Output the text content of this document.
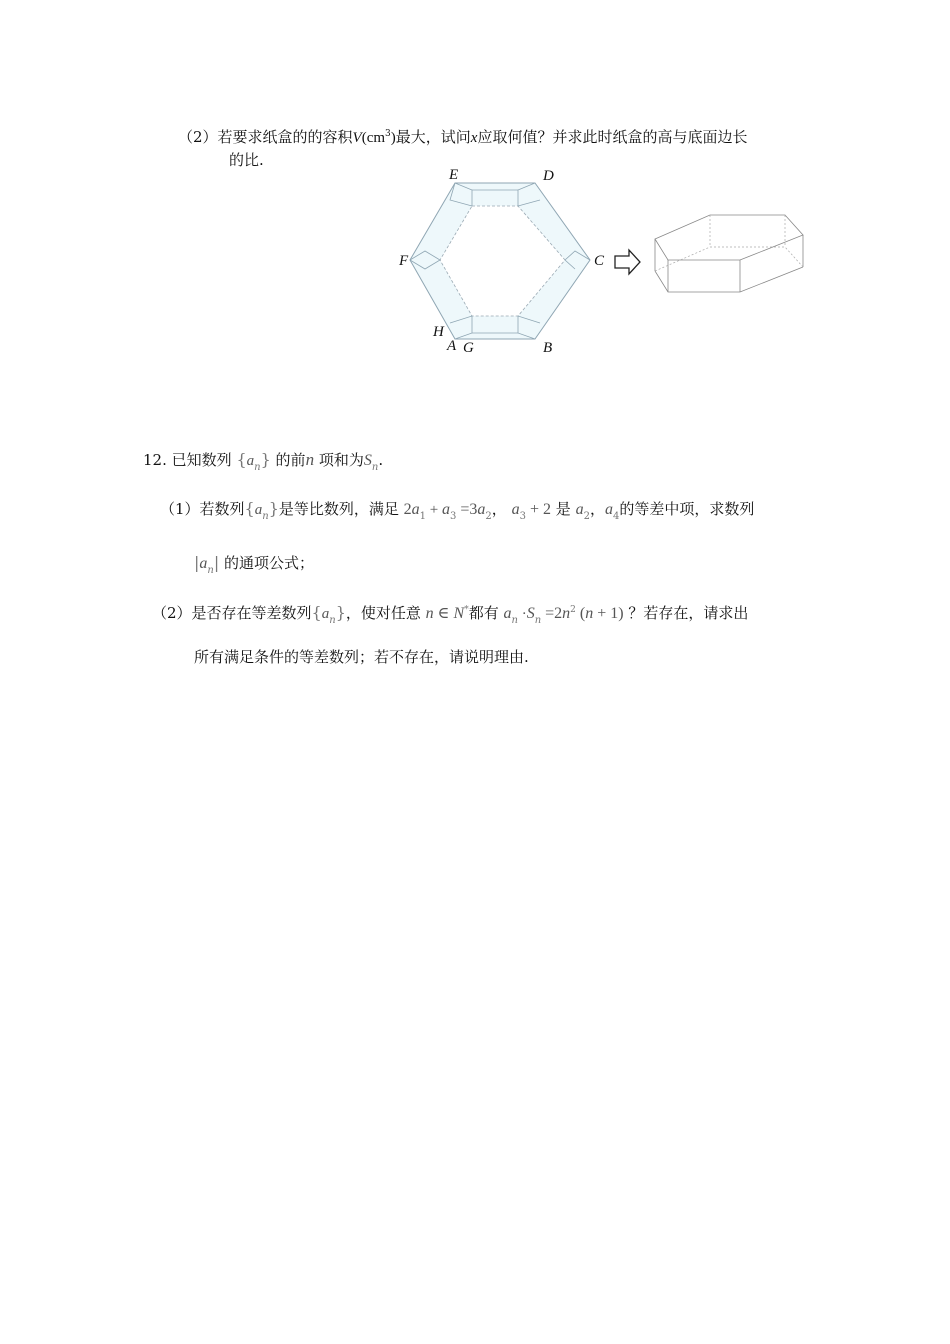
（2）若要求纸盒的的容积$V(cm^3)$最大，试问x应取何值？并求此时纸盒的高与底面边长
的比.
E	D
F	C
H
A G	B
12. 已知数列 $\{a_n\}$ 的前n 项和为$S_n$.
（1）若数列$\{a_n\}$是等比数列，满足 $2a_1 + a_3 =3a_2$， $a_3 + 2$ 是 $a_2$，$a_4$的等差中项，求数列
$|a_n|$ 的通项公式；
（2）是否存在等差数列$\{a_n\}$，使对任意 n ∈ N*都有 $a_n \cdot S_n =2n^2$ (n + 1) ？若存在，请求出
所有满足条件的等差数列；若不存在，请说明理由.
